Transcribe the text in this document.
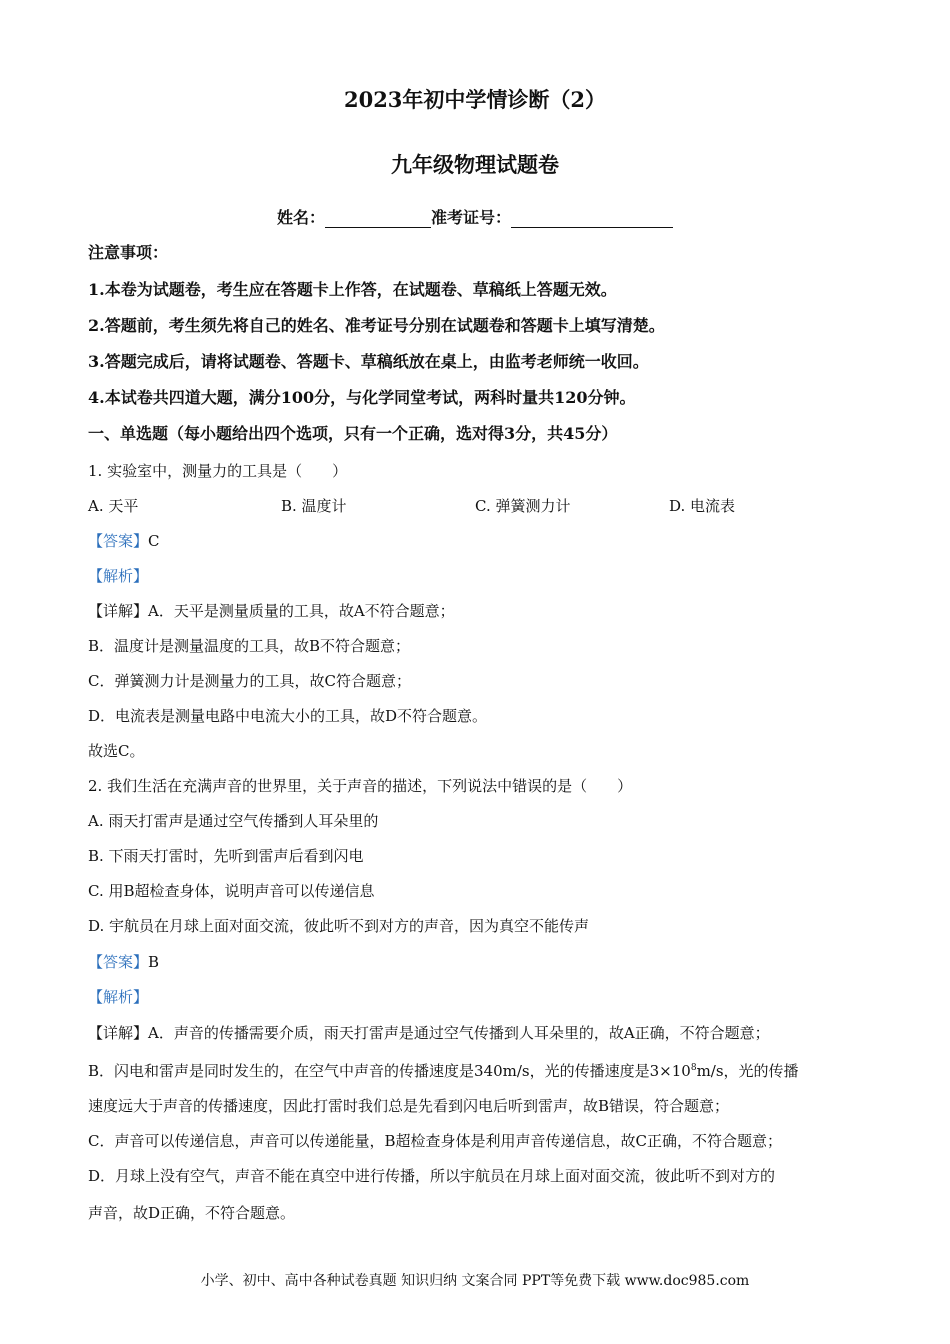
2023年初中学情诊断（2）
九年级物理试题卷
姓名：	准考证号：
注意事项：
1.本卷为试题卷，考生应在答题卡上作答，在试题卷、草稿纸上答题无效。
2.答题前，考生须先将自己的姓名、准考证号分别在试题卷和答题卡上填写清楚。
3.答题完成后，请将试题卷、答题卡、草稿纸放在桌上，由监考老师统一收回。
4.本试卷共四道大题，满分100分，与化学同堂考试，两科时量共120分钟。
一、单选题（每小题给出四个选项，只有一个正确，选对得3分，共45分）
1. 实验室中，测量力的工具是（　　）
A. 天平	B. 温度计	C. 弹簧测力计	D. 电流表
【答案】C
【解析】
【详解】A．天平是测量质量的工具，故A不符合题意；
B．温度计是测量温度的工具，故B不符合题意；
C．弹簧测力计是测量力的工具，故C符合题意；
D．电流表是测量电路中电流大小的工具，故D不符合题意。
故选C。
2. 我们生活在充满声音的世界里，关于声音的描述，下列说法中错误的是（　　）
A. 雨天打雷声是通过空气传播到人耳朵里的
B. 下雨天打雷时，先听到雷声后看到闪电
C. 用B超检查身体，说明声音可以传递信息
D. 宇航员在月球上面对面交流，彼此听不到对方的声音，因为真空不能传声
【答案】B
【解析】
【详解】A．声音的传播需要介质，雨天打雷声是通过空气传播到人耳朵里的，故A正确，不符合题意；
B．闪电和雷声是同时发生的，在空气中声音的传播速度是340m/s，光的传播速度是$3\times 10^8m/s$，光的传播
速度远大于声音的传播速度，因此打雷时我们总是先看到闪电后听到雷声，故B错误，符合题意；
C．声音可以传递信息，声音可以传递能量，B超检查身体是利用声音传递信息，故C正确，不符合题意；
D．月球上没有空气，声音不能在真空中进行传播，所以宇航员在月球上面对面交流，彼此听不到对方的
声音，故D正确，不符合题意。
小学、初中、高中各种试卷真题 知识归纳 文案合同 PPT等免费下载 www.doc985.com
